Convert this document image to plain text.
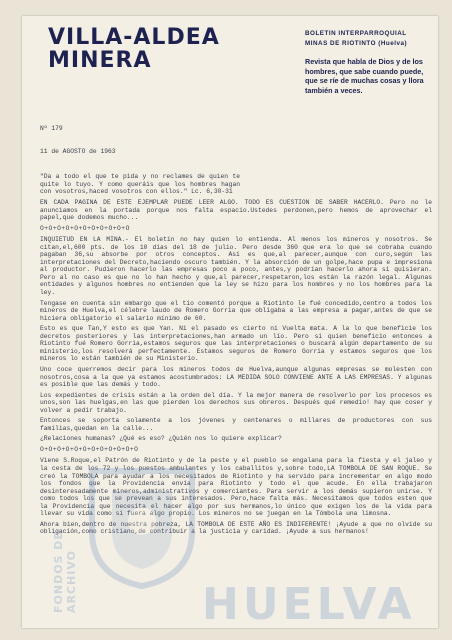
VILLA-ALDEA
MINERA
BOLETIN INTERPARROQUIAL
MINAS DE RIOTINTO (Huelva)
Revista que habla de Dios y de los hombres, que sabe cuando puede, que se ríe de muchas cosas y llora también a veces.

Nº 179

11 de AGOSTO de 1963

"Da a todo el que te pida y no reclames de quien te quite lo tuyo. Y como queráis que los hombres hagan con vosotros,haced vosotros con ellos." Lc. 6,30-31

EN CADA PAGINA DE ESTE EJEMPLAR PUEDE LEER ALGO. TODO ES CUESTION DE SABER HACERLO. Pero no le anunciamos en la portada porque nos falta espacio.Ustedes perdonen,pero hemos de aprovechar el papel,que dodemos mucho...

O+O+O+O+O+O+O+O+O+O+O

INQUIETUD EN LA MINA.- El boletín no hay quien lo entienda. Al menos los mineros y nosotros. Se citan,el,600 pts. de los 10 días del 18 de julio. Pero desde 360 que era lo que se cobraba cuando pagaban 36,su absorbe por otros conceptos. Así es que,al parecer,aunque con curo,según las interpretaciones del Decreto,haciendo oscuro también. Y la absorción de un golpe,hace pupa e impresiona al productor. Pudieron hacerlo las empresas poco a poco, antes,y podrían hacerlo ahora si quisieran. Pero al no caso es que no lo han hecho y que,al parecer,respetaron,los están la razón legal. Algunas entidades y algunos hombres no entienden que la ley se hizo para los hombres y no los hombres para la ley.

Tengase en cuenta sin embargo que el tío comentó porque a Riotinto le fué concedido,centro a todos los mineros de Huelva,el célebre laudo de Romero Gorria que obligaba a las empresa a pagar,antes de que se hiciera obligatorio el salario mínimo de 60.

Esto es que Tan,Y esto es que Yan. Ni el pasado es cierto ni Vuelta mata. A la lo que beneficie los decretos posteriores y las interpretaciones,han armado un lío. Pero si quien beneficio entonces a Riotinto fué Romero Gorria,estamos seguros que las interpretaciones o buscará algún departamento de su ministerio,los resolverá perfectamente. Estamos seguros de Romero Gorria y estamos seguros que los mineros lo están también de su Ministerio.

Uno coce querremos decir para los mineros todos de Huelva,aunque algunas empresas se molesten con nosotros,cosa a la que ya estamos acostumbrados: LA MEDIDA SOLO CONVIENE ANTE A LAS EMPRESAS. Y algunas es posible que las demás y todo.

Los expedientes de crisis están a la orden del día. Y la mejor manera de resolverlo por los procesos es unos,son las huelgas,en las que pierden los derechos sus obreros. Después qué remedio! hay que coser y volver a pedir trabajo.

Entonces se soporta solamente a los jóvenes y centenares o millares de productores con sus familias,quedan en la calle...

¿Relaciones humanas? ¿Qué es eso? ¿Quién nos lo quiere explicar?

O+O+O+O+O+O+O+O+O+O+O+O

Viene S.Roque,el Patrón de Riotinto y de la peste y el pueblo se engalana para la fiesta y el jaleo y la cesta de los 72 y los puestos ambulantes y los caballitos y,sobre todo,LA TOMBOLA DE SAN ROQUE. Se creó la TOMBOLA para ayudar a los necesitados de Riotinto y ha servido para incrementar en algo modo los fondos que la Providencia envía para Riotinto y todo el que acude. En ella trabajaron desinteresadamente mineros,administrativos y comerciantes. Para servir a los demás supieron unirse. Y como todos los que se prevean a sus interesados. Pero,hace falta más. Necesitamos que todos esten que la Providencia que necesita el hacer algo por sus hermanos,lo único que exigen los de la vida para llevar su vida como si fuera algo propio. Los mineros no se juegan en la Tómbola una limosna.

Ahora bien,dentro de nuestra pobreza, LA TOMBOLA DE ESTE AÑO ES INDIFERENTE! ¡Ayude a que no olvide su obligación,como cristiano,de contribuir a la justicia y caridad. ¡Ayude a sus hermanos!

FONDOS DE ARCHIVO	HUELVA
